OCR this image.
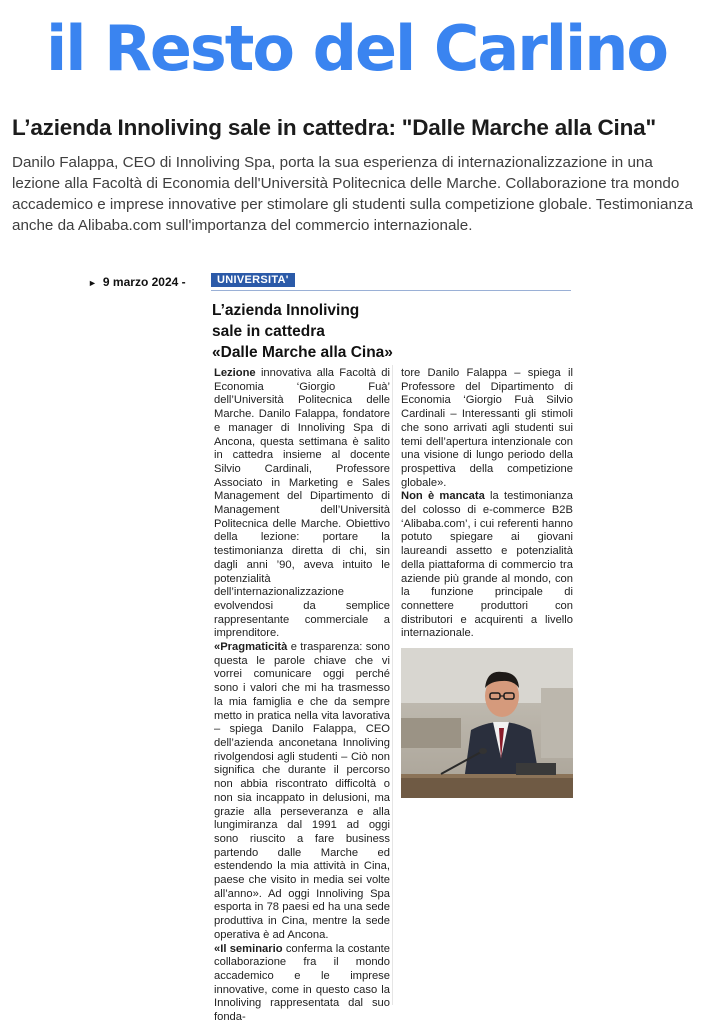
il Resto del Carlino
L’azienda Innoliving sale in cattedra: "Dalle Marche alla Cina"
Danilo Falappa, CEO di Innoliving Spa, porta la sua esperienza di internazionalizzazione in una lezione alla Facoltà di Economia dell'Università Politecnica delle Marche. Collaborazione tra mondo accademico e imprese innovative per stimolare gli studenti sulla competizione globale. Testimonianza anche da Alibaba.com sull'importanza del commercio internazionale.
► 9 marzo 2024 -	UNIVERSITA'
L’azienda Innoliving
sale in cattedra
«Dalle Marche alla Cina»

Lezione innovativa alla Facoltà di Economia ‘Giorgio Fuà’ dell’Università Politecnica delle Marche. Danilo Falappa, fondatore e manager di Innoliving Spa di Ancona, questa settimana è salito in cattedra insieme al docente Silvio Cardinali, Professore Associato in Marketing e Sales Management del Dipartimento di Management dell’Università Politecnica delle Marche. Obiettivo della lezione: portare la testimonianza diretta di chi, sin dagli anni ’90, aveva intuito le potenzialità dell’internazionalizzazione evolvendosi da semplice rappresentante commerciale a imprenditore.

«Pragmaticità e trasparenza: sono questa le parole chiave che vi vorrei comunicare oggi perché sono i valori che mi ha trasmesso la mia famiglia e che da sempre metto in pratica nella vita lavorativa – spiega Danilo Falappa, CEO dell’azienda anconetana Innoliving rivolgendosi agli studenti – Ciò non significa che durante il percorso non abbia riscontrato difficoltà o non sia incappato in delusioni, ma grazie alla perseveranza e alla lungimiranza dal 1991 ad oggi sono riuscito a fare business partendo dalle Marche ed estendendo la mia attività in Cina, paese che visito in media sei volte all’anno». Ad oggi Innoliving Spa esporta in 78 paesi ed ha una sede produttiva in Cina, mentre la sede operativa è ad Ancona.

«Il seminario conferma la costante collaborazione fra il mondo accademico e le imprese innovative, come in questo caso la Innoliving rappresentata dal suo fonda-

tore Danilo Falappa – spiega il Professore del Dipartimento di Economia ‘Giorgio Fuà Silvio Cardinali – Interessanti gli stimoli che sono arrivati agli studenti sui temi dell’apertura intenzionale con una visione di lungo periodo della prospettiva della competizione globale».

Non è mancata la testimonianza del colosso di e-commerce B2B ‘Alibaba.com’, i cui referenti hanno potuto spiegare ai giovani laureandi assetto e potenzialità della piattaforma di commercio tra aziende più grande al mondo, con la funzione principale di connettere produttori con distributori e acquirenti a livello internazionale.
